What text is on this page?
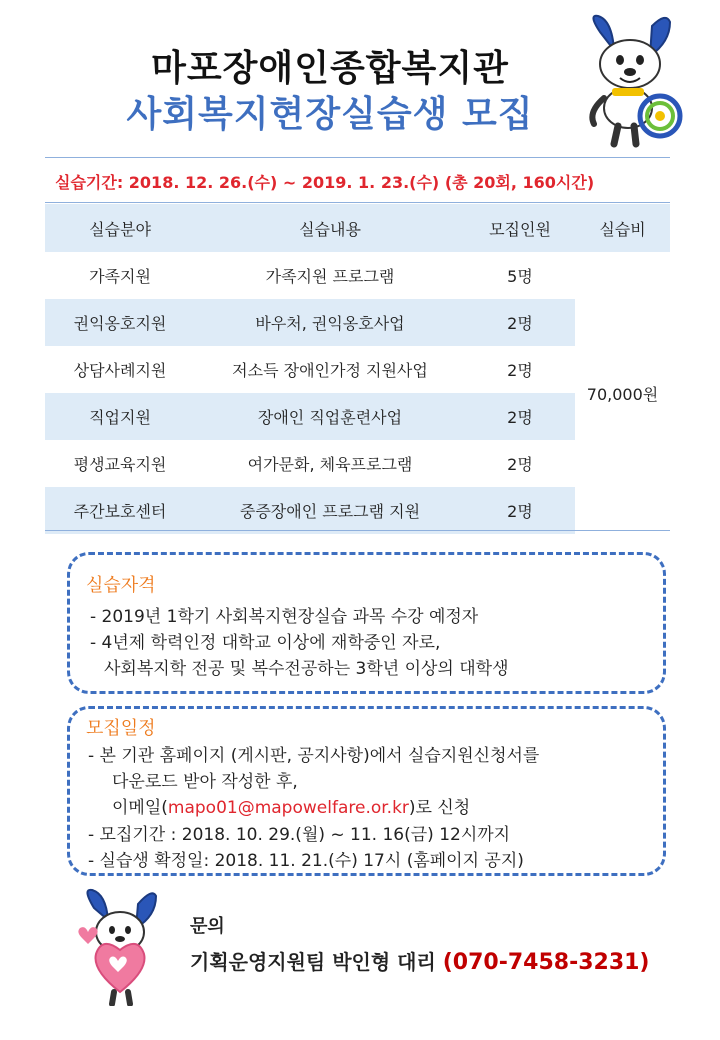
마포장애인종합복지관
사회복지현장실습생 모집
실습기간: 2018. 12. 26.(수) ~ 2019. 1. 23.(수) (총 20회, 160시간)
실습분야	실습내용	모집인원	실습비
가족지원	가족지원 프로그램	5명	70,000원
권익옹호지원	바우처, 권익옹호사업	2명	
상담사례지원	저소득 장애인가정 지원사업	2명	
직업지원	장애인 직업훈련사업	2명	
평생교육지원	여가문화, 체육프로그램	2명	
주간보호센터	중증장애인 프로그램 지원	2명	
실습자격
- 2019년 1학기 사회복지현장실습 과목 수강 예정자
- 4년제 학력인정 대학교 이상에 재학중인 자로,
사회복지학 전공 및 복수전공하는 3학년 이상의 대학생
모집일정
- 본 기관 홈페이지 (게시판, 공지사항)에서 실습지원신청서를
다운로드 받아 작성한 후,
이메일(mapo01@mapowelfare.or.kr)로 신청
- 모집기간 : 2018. 10. 29.(월) ~ 11. 16(금) 12시까지
- 실습생 확정일: 2018. 11. 21.(수) 17시 (홈페이지 공지)
문의
기획운영지원팀 박인형 대리 (070-7458-3231)
